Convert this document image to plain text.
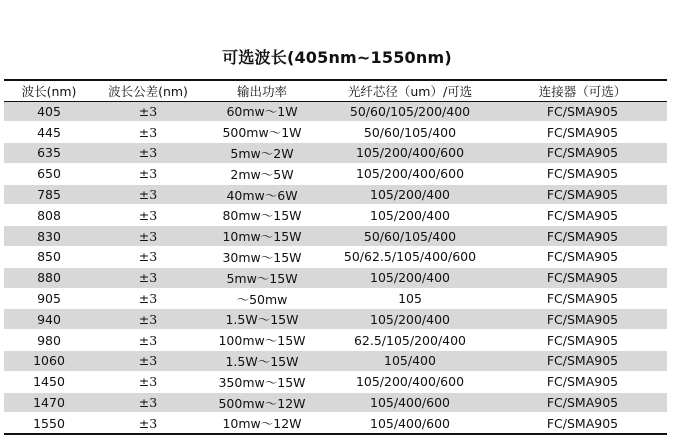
可选波长(405nm~1550nm)
波长(nm)	波长公差(nm)	输出功率	光纤芯径（um）/可选	连接器（可选）
405	±3	60mw～1W	50/60/105/200/400	FC/SMA905
445	±3	500mw～1W	50/60/105/400	FC/SMA905
635	±3	5mw～2W	105/200/400/600	FC/SMA905
650	±3	2mw～5W	105/200/400/600	FC/SMA905
785	±3	40mw～6W	105/200/400	FC/SMA905
808	±3	80mw～15W	105/200/400	FC/SMA905
830	±3	10mw～15W	50/60/105/400	FC/SMA905
850	±3	30mw～15W	50/62.5/105/400/600	FC/SMA905
880	±3	5mw～15W	105/200/400	FC/SMA905
905	±3	～50mw	105	FC/SMA905
940	±3	1.5W～15W	105/200/400	FC/SMA905
980	±3	100mw～15W	62.5/105/200/400	FC/SMA905
1060	±3	1.5W～15W	105/400	FC/SMA905
1450	±3	350mw～15W	105/200/400/600	FC/SMA905
1470	±3	500mw～12W	105/400/600	FC/SMA905
1550	±3	10mw～12W	105/400/600	FC/SMA905
